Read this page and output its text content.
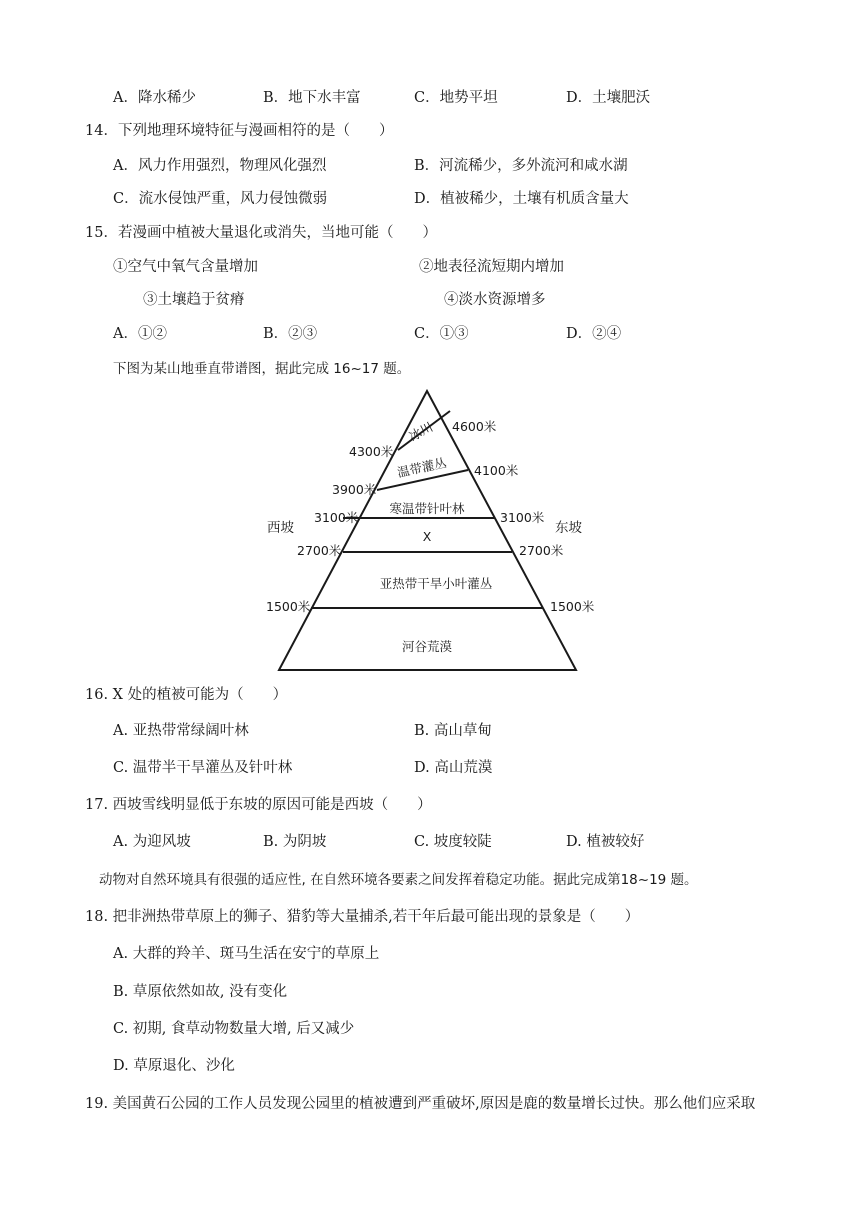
A．降水稀少	B．地下水丰富	C．地势平坦	D．土壤肥沃
14．下列地理环境特征与漫画相符的是（　　）
A．风力作用强烈，物理风化强烈	B．河流稀少，多外流河和咸水湖
C．流水侵蚀严重，风力侵蚀微弱	D．植被稀少，土壤有机质含量大
15．若漫画中植被大量退化或消失，当地可能（　　）
①空气中氧气含量增加	②地表径流短期内增加
③土壤趋于贫瘠	④淡水资源增多
A．①②	B．②③	C．①③	D．②④
下图为某山地垂直带谱图，据此完成 16~17 题。
冰川
温带灌丛
寒温带针叶林
X
亚热带干旱小叶灌丛
河谷荒漠
4300米
3900米
3100米
2700米
1500米
4600米
4100米
3100米
2700米
1500米
西坡	东坡
16. X 处的植被可能为（　　）
A. 亚热带常绿阔叶林	B. 高山草甸
C. 温带半干旱灌丛及针叶林	D. 高山荒漠
17. 西坡雪线明显低于东坡的原因可能是西坡（　　）
A. 为迎风坡	B. 为阴坡	C. 坡度较陡	D. 植被较好
动物对自然环境具有很强的适应性, 在自然环境各要素之间发挥着稳定功能。据此完成第18~19 题。
18. 把非洲热带草原上的狮子、猎豹等大量捕杀,若干年后最可能出现的景象是（　　）
A. 大群的羚羊、斑马生活在安宁的草原上
B. 草原依然如故, 没有变化
C. 初期, 食草动物数量大增, 后又减少
D. 草原退化、沙化
19. 美国黄石公园的工作人员发现公园里的植被遭到严重破坏,原因是鹿的数量增长过快。那么他们应采取
